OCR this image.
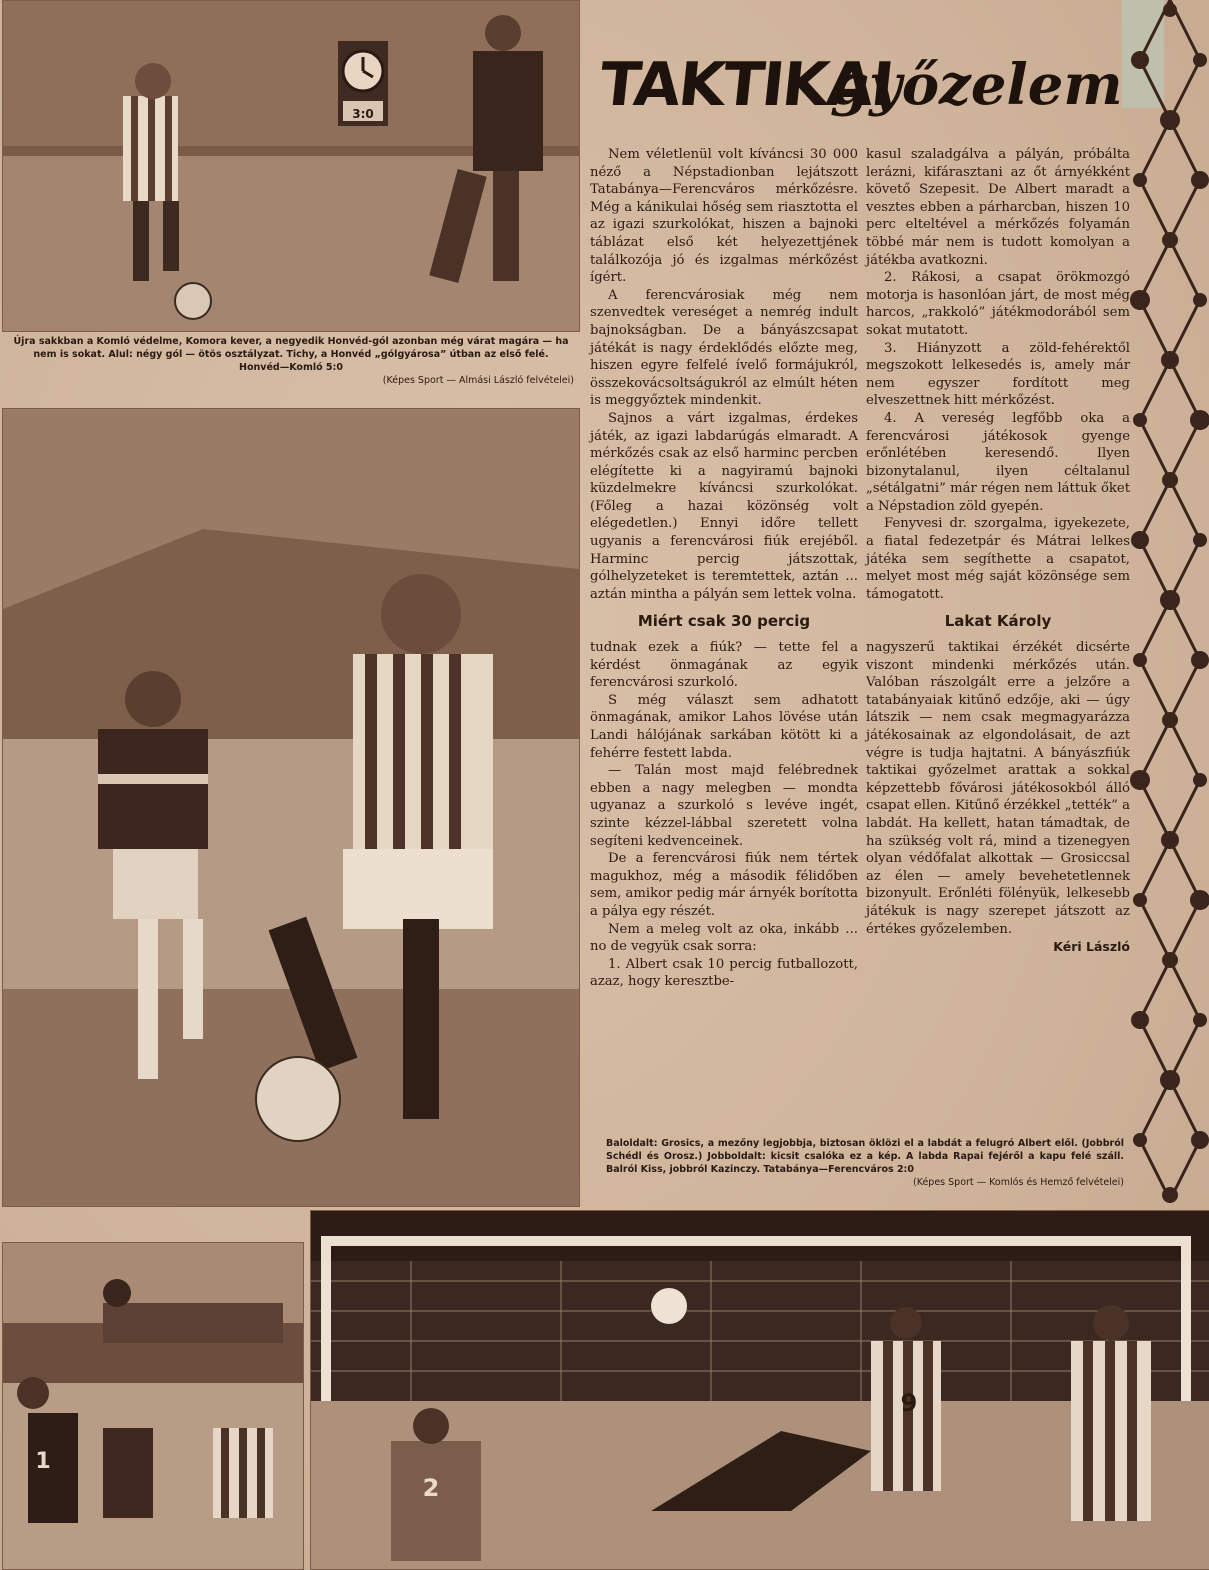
3:0
Újra sakkban a Komló védelme, Komora kever, a negyedik Honvéd-gól azonban még várat magára — ha nem is sokat. Alul: négy gól — ötös osztályzat. Tichy, a Honvéd „gólgyárosa” útban az első felé.
Honvéd—Komló 5:0
(Képes Sport — Almási László felvételei)
TAKTIKAI
győzelem

Nem véletlenül volt kíváncsi 30 000 néző a Népstadionban lejátszott Tatabánya—Ferencváros mérkőzésre. Még a kánikulai hőség sem riasztotta el az igazi szurkolókat, hiszen a bajnoki táblázat első két helyezettjének találkozója jó és izgalmas mérkőzést ígért.

A ferencvárosiak még nem szenvedtek vereséget a nemrég indult bajnokságban. De a bányászcsapat játékát is nagy érdeklődés előzte meg, hiszen egyre felfelé ívelő formájukról, összekovácsoltságukról az elmúlt héten is meggyőztek mindenkit.

Sajnos a várt izgalmas, érdekes játék, az igazi labdarúgás elmaradt. A mérkőzés csak az első harminc percben elégítette ki a nagyiramú bajnoki küzdelmekre kíváncsi szurkolókat. (Főleg a hazai közönség volt elégedetlen.) Ennyi időre tellett ugyanis a ferencvárosi fiúk erejéből. Harminc percig játszottak, gólhelyzeteket is teremtettek, aztán ... aztán mintha a pályán sem lettek volna.

Miért csak 30 percig

tudnak ezek a fiúk? — tette fel a kérdést önmagának az egyik ferencvárosi szurkoló.

S még választ sem adhatott önmagának, amikor Lahos lövése után Landi hálójának sarkában kötött ki a fehérre festett labda.

— Talán most majd felébrednek ebben a nagy melegben — mondta ugyanaz a szurkoló s levéve ingét, szinte kézzel-lábbal szeretett volna segíteni kedvenceinek.

De a ferencvárosi fiúk nem tértek magukhoz, még a második félidőben sem, amikor pedig már árnyék borította a pálya egy részét.

Nem a meleg volt az oka, inkább ... no de vegyük csak sorra:

1. Albert csak 10 percig futballozott, azaz, hogy keresztbe-

kasul szaladgálva a pályán, próbálta lerázni, kifárasztani az őt árnyékként követő Szepesit. De Albert maradt a vesztes ebben a párharcban, hiszen 10 perc elteltével a mérkőzés folyamán többé már nem is tudott komolyan a játékba avatkozni.

2. Rákosi, a csapat örökmozgó motorja is hasonlóan járt, de most még harcos, „rakkoló” játékmodorából sem sokat mutatott.

3. Hiányzott a zöld-fehérektől megszokott lelkesedés is, amely már nem egyszer fordított meg elveszettnek hitt mérkőzést.

4. A vereség legfőbb oka a ferencvárosi játékosok gyenge erőnlétében keresendő. Ilyen bizonytalanul, ilyen céltalanul „sétálgatni” már régen nem láttuk őket a Népstadion zöld gyepén.

Fenyvesi dr. szorgalma, igyekezete, a fiatal fedezetpár és Mátrai lelkes játéka sem segíthette a csapatot, melyet most még saját közönsége sem támogatott.

Lakat Károly

nagyszerű taktikai érzékét dicsérte viszont mindenki mérkőzés után. Valóban rászolgált erre a jelzőre a tatabányaiak kitűnő edzője, aki — úgy látszik — nem csak megmagyarázza játékosainak az elgondolásait, de azt végre is tudja hajtatni. A bányászfiúk taktikai győzelmet arattak a sokkal képzettebb fővárosi játékosokból álló csapat ellen. Kitűnő érzékkel „tették” a labdát. Ha kellett, hatan támadtak, de ha szükség volt rá, mind a tizenegyen olyan védőfalat alkottak — Grosiccsal az élen — amely bevehetetlennek bizonyult. Erőnléti fölényük, lelkesebb játékuk is nagy szerepet játszott az értékes győzelemben.

Kéri László

Baloldalt: Grosics, a mezőny legjobbja, biztosan öklözi el a labdát a felugró Albert elől. (Jobbról Schédl és Orosz.) Jobboldalt: kicsit csalóka ez a kép. A labda Rapai fejéről a kapu felé száll. Balról Kiss, jobbról Kazinczy. Tatabánya—Ferencváros 2:0
(Képes Sport — Komlós és Hemző felvételei)
1
2
9
